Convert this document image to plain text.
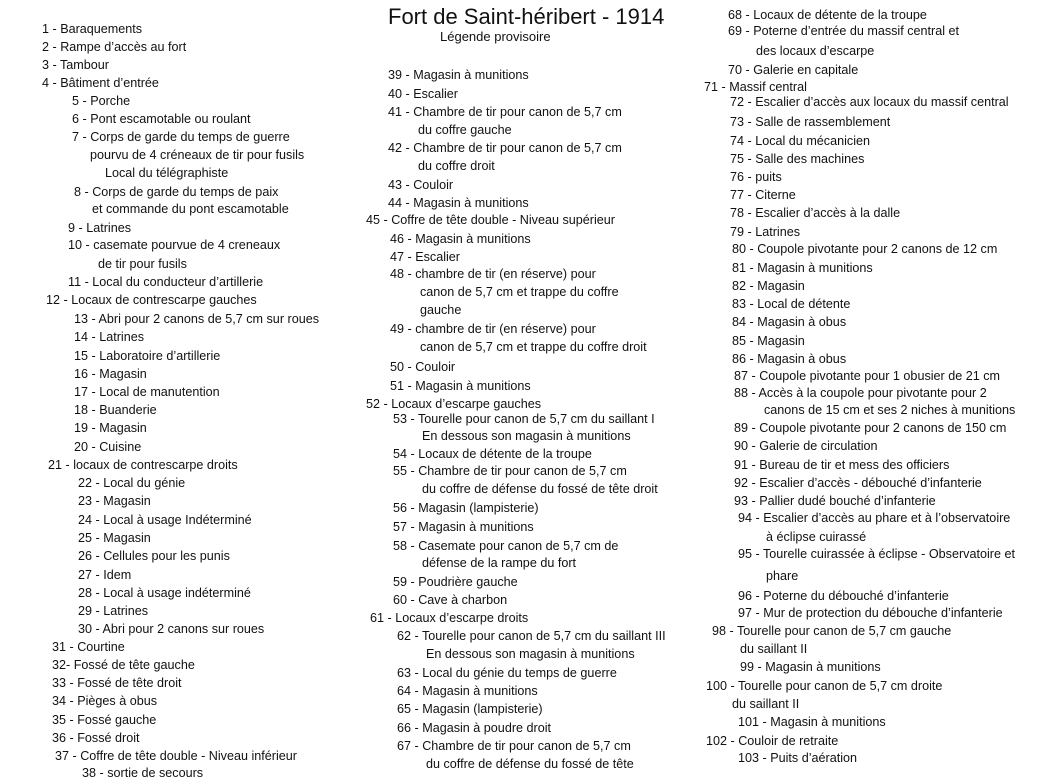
Fort de Saint-héribert - 1914
Légende provisoire
1 - Baraquements
2 - Rampe d’accès au fort
3 - Tambour
4 - Bâtiment d’entrée
5 - Porche
6 - Pont escamotable ou roulant
7 - Corps de garde du temps de guerre
pourvu de 4 créneaux de tir pour fusils
Local du télégraphiste
8 - Corps de garde du temps de paix
et commande du pont escamotable
9 - Latrines
10 - casemate pourvue de 4 creneaux
de tir pour fusils
11 - Local du conducteur d’artillerie
12 - Locaux de contrescarpe gauches
13 - Abri pour 2 canons de 5,7 cm sur roues
14 - Latrines
15 - Laboratoire d’artillerie
16 - Magasin
17 - Local de manutention
18 - Buanderie
19 - Magasin
20 - Cuisine
21 - locaux de contrescarpe droits
22 - Local du génie
23 - Magasin
24 - Local à usage Indéterminé
25 - Magasin
26 - Cellules pour les punis
27 - Idem
28 - Local à usage indéterminé
29 - Latrines
30 - Abri pour 2 canons sur roues
31 - Courtine
32- Fossé de tête gauche
33 - Fossé de tête droit
34 - Pièges à obus
35 - Fossé gauche
36 - Fossé droit
37 - Coffre de tête double - Niveau inférieur
38 - sortie de secours
39 - Magasin à munitions
40 - Escalier
41 - Chambre de tir pour canon de 5,7 cm
du coffre gauche
42 - Chambre de tir pour canon de 5,7 cm
du coffre droit
43 - Couloir
44 - Magasin à munitions
45 - Coffre de tête double - Niveau supérieur
46 - Magasin à munitions
47 - Escalier
48 - chambre de tir (en réserve) pour
canon de 5,7 cm et trappe du coffre
gauche
49 - chambre de tir (en réserve) pour
canon de 5,7 cm et trappe du coffre droit
50 - Couloir
51 - Magasin à munitions
52 - Locaux d’escarpe gauches
53 - Tourelle pour canon de 5,7 cm du saillant I
En dessous son magasin à munitions
54 - Locaux de détente de la troupe
55 - Chambre de tir pour canon de 5,7 cm
du coffre de défense du fossé de tête droit
56 - Magasin (lampisterie)
57 - Magasin à munitions
58 - Casemate pour canon de 5,7 cm de
défense de la rampe du fort
59 - Poudrière gauche
60 - Cave à charbon
61 - Locaux d’escarpe droits
62 - Tourelle pour canon de 5,7 cm du saillant III
En dessous son magasin à munitions
63 - Local du génie du temps de guerre
64 - Magasin à munitions
65 - Magasin (lampisterie)
66 - Magasin à poudre droit
67 - Chambre de tir pour canon de 5,7 cm
du coffre de défense du fossé de tête
68 - Locaux de détente de la troupe
69 - Poterne d’entrée du massif central et
des locaux d’escarpe
70 - Galerie en capitale
71 - Massif central
72 - Escalier d’accès aux locaux du massif central
73 - Salle de rassemblement
74 - Local du mécanicien
75 - Salle des machines
76 - puits
77 - Citerne
78 - Escalier d’accès à la dalle
79 - Latrines
80 - Coupole pivotante pour 2 canons de 12 cm
81 - Magasin à munitions
82 - Magasin
83 - Local de détente
84 - Magasin à obus
85 - Magasin
86 - Magasin à obus
87 - Coupole pivotante pour 1 obusier de 21 cm
88 - Accès à la coupole pour pivotante pour 2
canons de 15 cm et ses 2 niches à munitions
89 - Coupole pivotante pour 2 canons de 150 cm
90 - Galerie de circulation
91 - Bureau de tir et mess des officiers
92 - Escalier d’accès - débouché d’infanterie
93 - Pallier dudé bouché d’infanterie
94 - Escalier d’accès au phare et à l’observatoire
à éclipse cuirassé
95 - Tourelle cuirassée à éclipse - Observatoire et
phare
96 - Poterne du débouché d’infanterie
97 - Mur de protection du débouche d’infanterie
98 - Tourelle pour canon de 5,7 cm gauche
du saillant II
99 - Magasin à munitions
100 - Tourelle pour canon de 5,7 cm droite
du saillant II
101 - Magasin à munitions
102 - Couloir de retraite
103 - Puits d’aération
